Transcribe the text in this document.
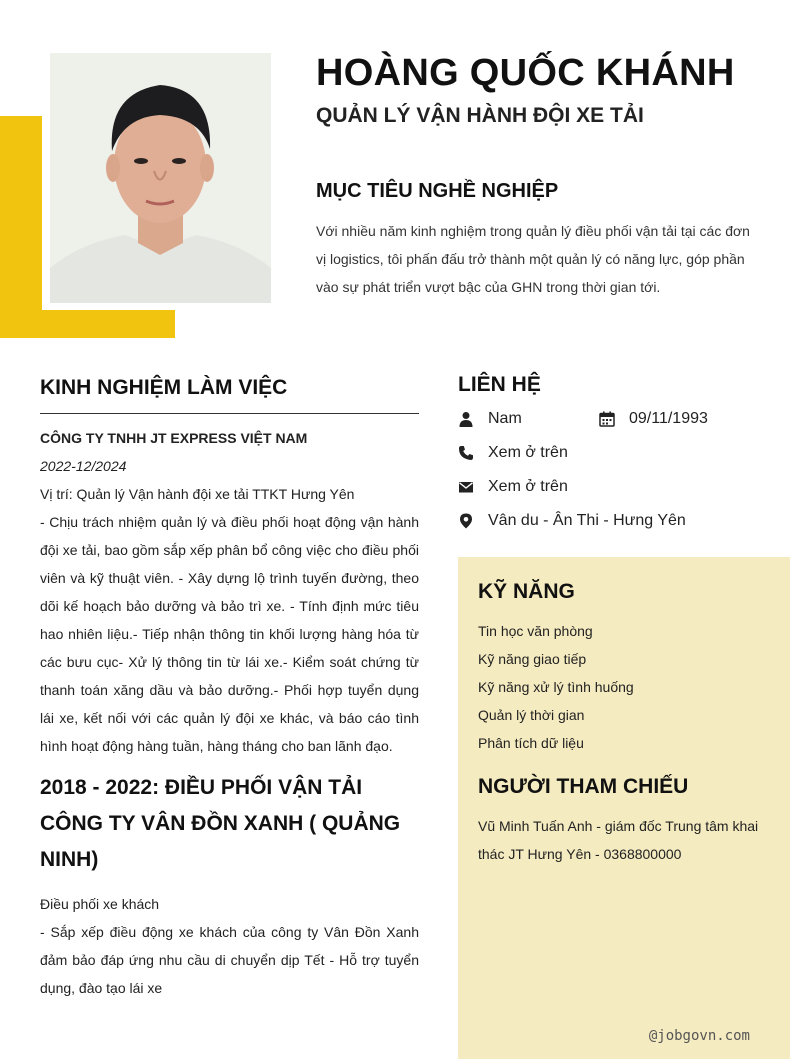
HOÀNG QUỐC KHÁNH
QUẢN LÝ VẬN HÀNH ĐỘI XE TẢI
MỤC TIÊU NGHỀ NGHIỆP
Với nhiều năm kinh nghiệm trong quản lý điều phối vận tải tại các đơn vị logistics, tôi phấn đấu trở thành một quản lý có năng lực, góp phần vào sự phát triển vượt bậc của GHN trong thời gian tới.
KINH NGHIỆM LÀM VIỆC
CÔNG TY TNHH JT EXPRESS VIỆT NAM
2022-12/2024
Vị trí: Quản lý Vận hành đội xe tải TTKT Hưng Yên
- Chịu trách nhiệm quản lý và điều phối hoạt động vận hành đội xe tải, bao gồm sắp xếp phân bổ công việc cho điều phối viên và kỹ thuật viên. - Xây dựng lộ trình tuyến đường, theo dõi kế hoạch bảo dưỡng và bảo trì xe. - Tính định mức tiêu hao nhiên liệu.- Tiếp nhận thông tin khối lượng hàng hóa từ các bưu cục- Xử lý thông tin từ lái xe.- Kiểm soát chứng từ thanh toán xăng dầu và bảo dưỡng.- Phối hợp tuyển dụng lái xe, kết nối với các quản lý đội xe khác, và báo cáo tình hình hoạt động hàng tuần, hàng tháng cho ban lãnh đạo.
2018 - 2022: ĐIỀU PHỐI VẬN TẢI CÔNG TY VÂN ĐỒN XANH ( QUẢNG NINH)
Điều phối xe khách
- Sắp xếp điều động xe khách của công ty Vân Đồn Xanh đảm bảo đáp ứng nhu cầu di chuyển dịp Tết - Hỗ trợ tuyển dụng, đào tạo lái xe
LIÊN HỆ
Nam	09/11/1993
Xem ở trên
Xem ở trên
Vân du - Ân Thi - Hưng Yên
KỸ NĂNG
Tin học văn phòng
Kỹ năng giao tiếp
Kỹ năng xử lý tình huống
Quản lý thời gian
Phân tích dữ liệu
NGƯỜI THAM CHIẾU
Vũ Minh Tuấn Anh - giám đốc Trung tâm khai thác JT Hưng Yên - 0368800000
@jobgovn.com
